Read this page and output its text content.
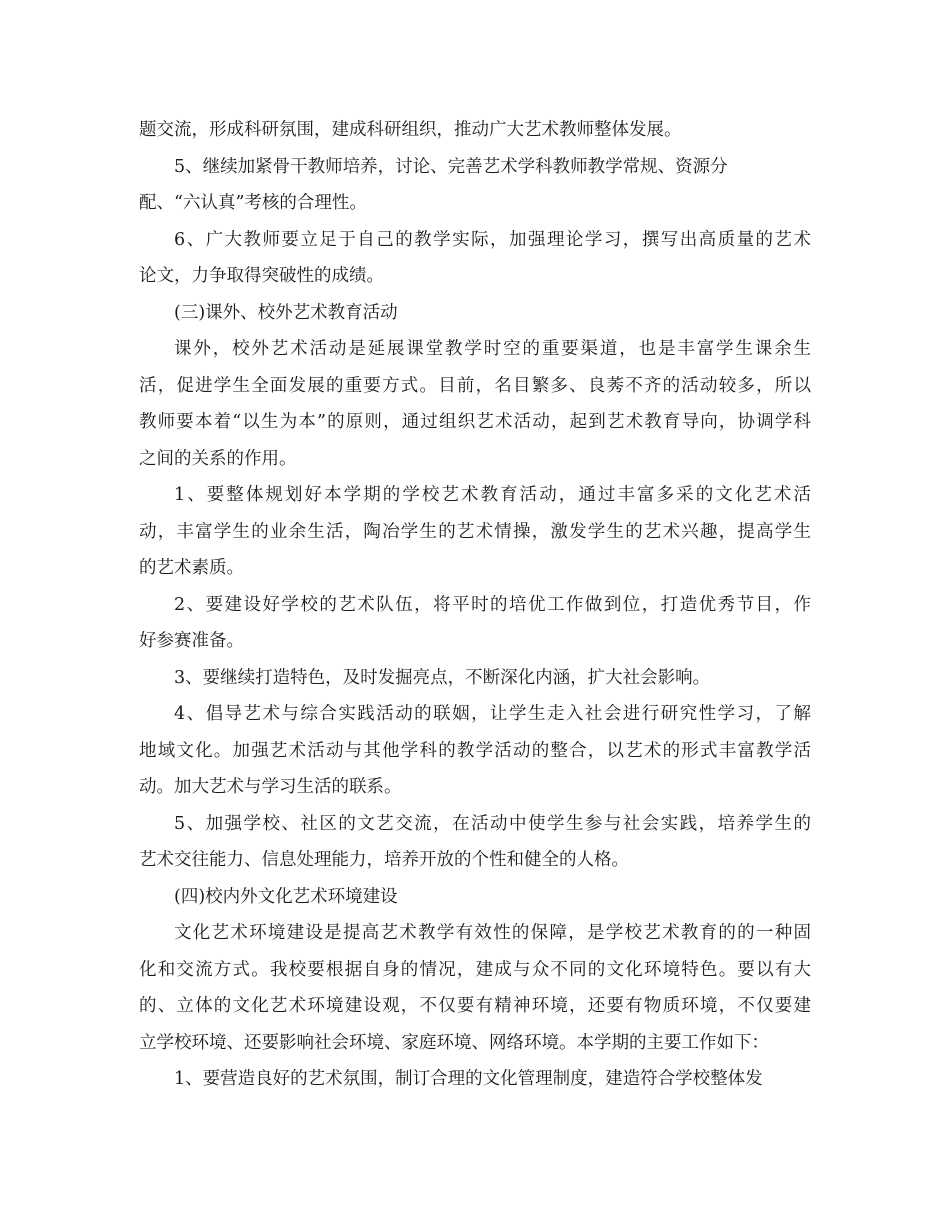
题交流，形成科研氛围，建成科研组织，推动广大艺术教师整体发展。

5、继续加紧骨干教师培养，讨论、完善艺术学科教师教学常规、资源分
配、“六认真”考核的合理性。

6、广大教师要立足于自己的教学实际，加强理论学习，撰写出高质量的艺术
论文，力争取得突破性的成绩。

(三)课外、校外艺术教育活动

课外，校外艺术活动是延展课堂教学时空的重要渠道，也是丰富学生课余生
活，促进学生全面发展的重要方式。目前，名目繁多、良莠不齐的活动较多，所以
教师要本着“以生为本”的原则，通过组织艺术活动，起到艺术教育导向，协调学科
之间的关系的作用。

1、要整体规划好本学期的学校艺术教育活动，通过丰富多采的文化艺术活
动，丰富学生的业余生活，陶冶学生的艺术情操，激发学生的艺术兴趣，提高学生
的艺术素质。

2、要建设好学校的艺术队伍，将平时的培优工作做到位，打造优秀节目，作
好参赛准备。

3、要继续打造特色，及时发掘亮点，不断深化内涵，扩大社会影响。

4、倡导艺术与综合实践活动的联姻，让学生走入社会进行研究性学习，了解
地域文化。加强艺术活动与其他学科的教学活动的整合，以艺术的形式丰富教学活
动。加大艺术与学习生活的联系。

5、加强学校、社区的文艺交流，在活动中使学生参与社会实践，培养学生的
艺术交往能力、信息处理能力，培养开放的个性和健全的人格。

(四)校内外文化艺术环境建设

文化艺术环境建设是提高艺术教学有效性的保障，是学校艺术教育的的一种固
化和交流方式。我校要根据自身的情况，建成与众不同的文化环境特色。要以有大
的、立体的文化艺术环境建设观，不仅要有精神环境，还要有物质环境，不仅要建
立学校环境、还要影响社会环境、家庭环境、网络环境。本学期的主要工作如下：

1、要营造良好的艺术氛围，制订合理的文化管理制度，建造符合学校整体发
